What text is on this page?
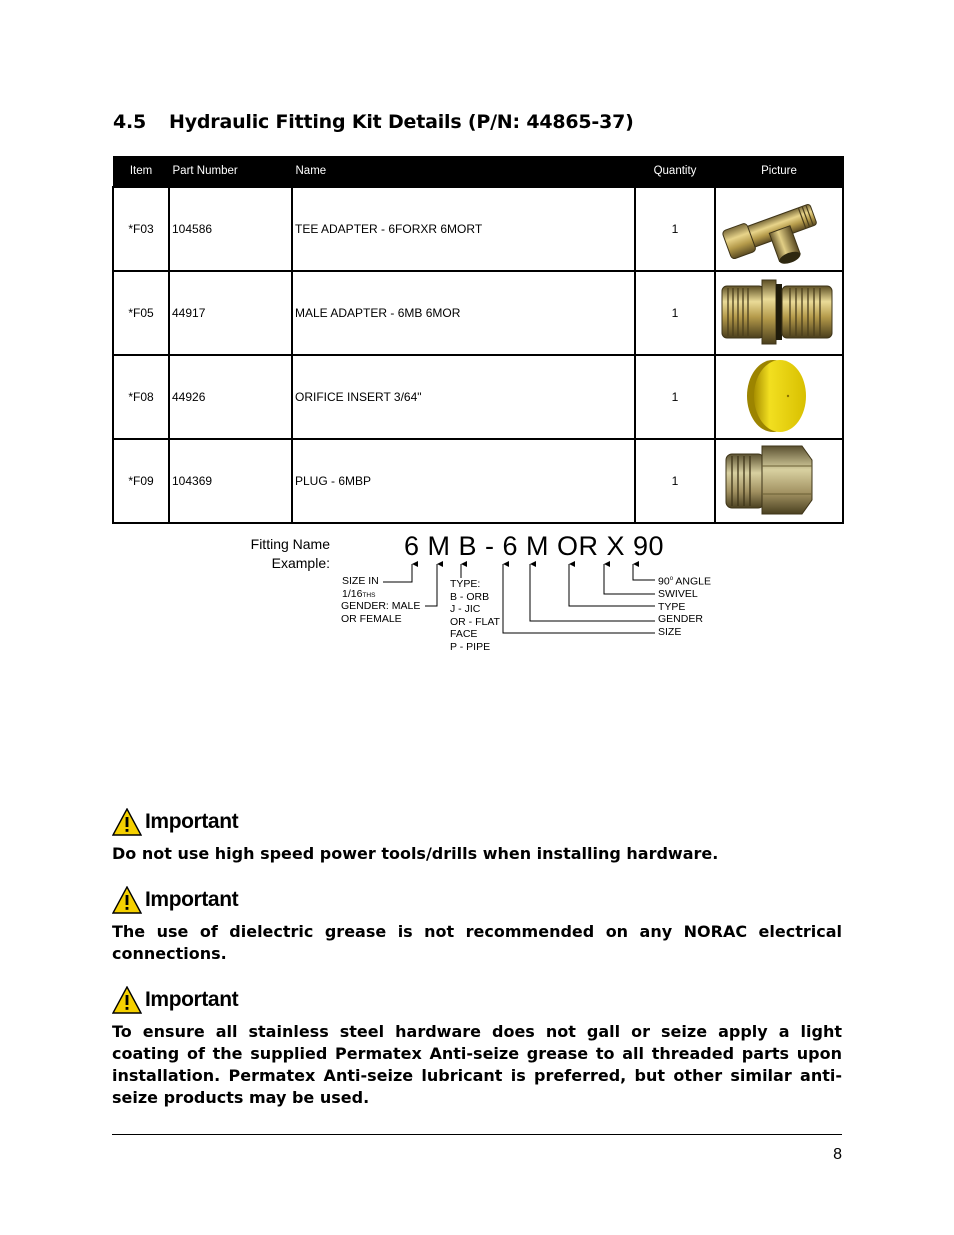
4.5 Hydraulic Fitting Kit Details (P/N: 44865-37)
Item	Part Number	Name	Quantity	Picture
*F03	104586	TEE ADAPTER - 6FORXR 6MORT	1	
*F05	44917	MALE ADAPTER - 6MB 6MOR	1	
*F08	44926	ORIFICE INSERT 3/64"	1	
*F09	104369	PLUG - 6MBP	1	
Fitting Name
Example:
6 M B - 6 M OR X 90
SIZE IN
1/16THS
GENDER: MALE
OR FEMALE
TYPE:
B - ORB
J - JIC
OR - FLAT
FACE
P - PIPE
90$^o$ ANGLE
SWIVEL
TYPE
GENDER
SIZE
Important
Do not use high speed power tools/drills when installing hardware.
Important
The use of dielectric grease is not recommended on any NORAC electrical connections.
Important
To ensure all stainless steel hardware does not gall or seize apply a light coating of the supplied Permatex Anti-seize grease to all threaded parts upon installation. Permatex Anti-seize lubricant is preferred, but other similar anti-seize products may be used.
8
